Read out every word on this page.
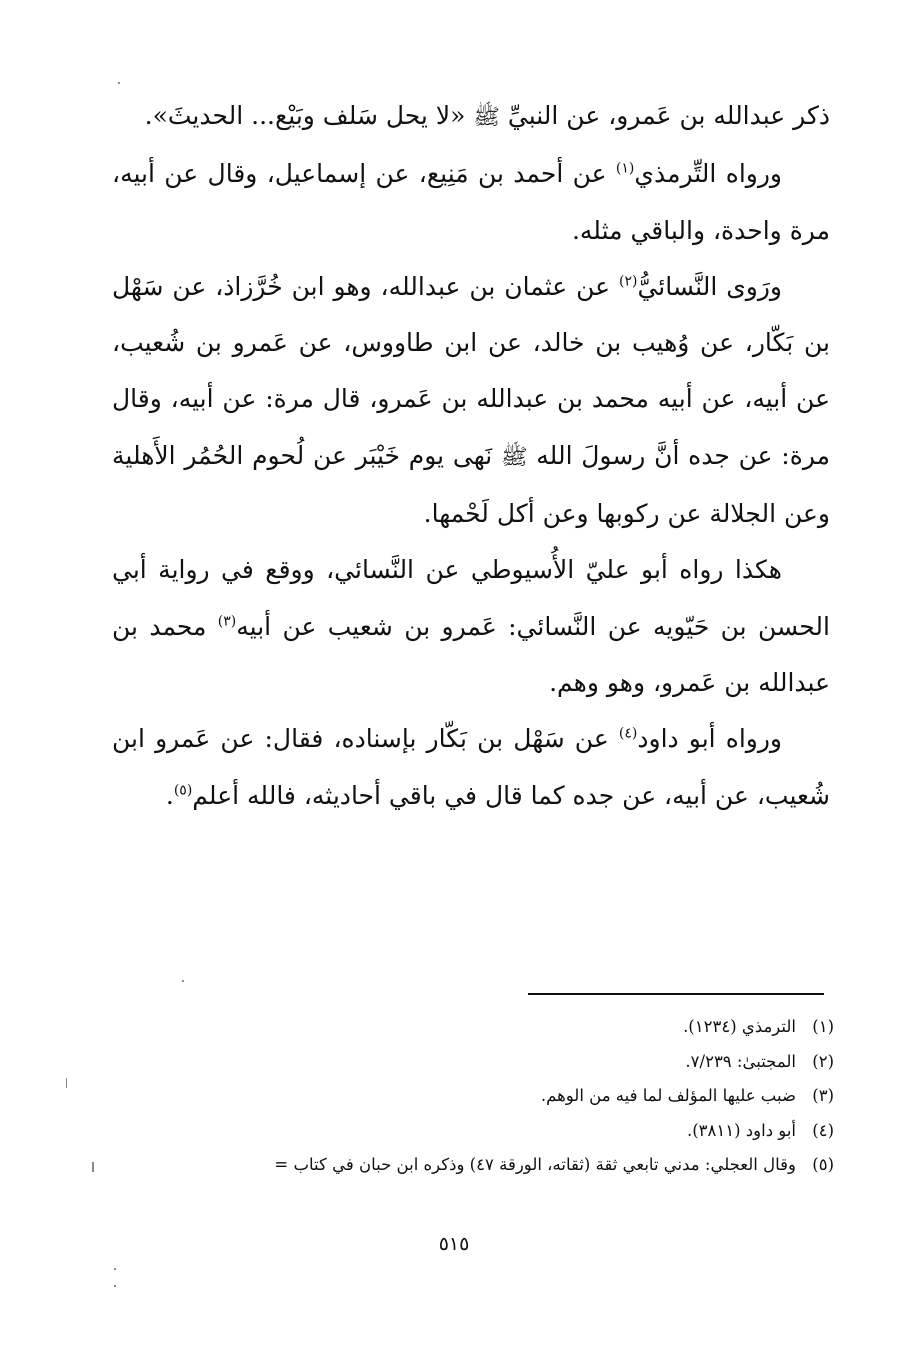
ذكر عبدالله بن عَمرو، عن النبيِّ ﷺ «لا يحل سَلف وبَيْع... الحديثَ».

ورواه التِّرمذي$^{(١)}$ عن أحمد بن مَنِيع، عن إسماعيل، وقال عن أبيه، مرة واحدة، والباقي مثله.

ورَوى النَّسائيُّ$^{(٢)}$ عن عثمان بن عبدالله، وهو ابن خُرَّزاذ، عن سَهْل بن بَكّار، عن وُهيب بن خالد، عن ابن طاووس، عن عَمرو بن شُعيب، عن أبيه، عن أبيه محمد بن عبدالله بن عَمرو، قال مرة: عن أبيه، وقال مرة: عن جده أنَّ رسولَ الله ﷺ نَهى يوم خَيْبَر عن لُحوم الحُمُر الأَهلية وعن الجلالة عن ركوبها وعن أكل لَحْمها.

هكذا رواه أبو عليّ الأُسيوطي عن النَّسائي، ووقع في رواية أبي الحسن بن حَيّويه عن النَّسائي: عَمرو بن شعيب عن أبيه$^{(٣)}$ محمد بن عبدالله بن عَمرو، وهو وهم.

ورواه أبو داود$^{(٤)}$ عن سَهْل بن بَكّار بإسناده، فقال: عن عَمرو ابن شُعيب، عن أبيه، عن جده كما قال في باقي أحاديثه، فالله أعلم$^{(٥)}$.

(١)الترمذي (١٢٣٤).
(٢)المجتبىٰ: ٧/٢٣٩.
(٣)ضبب عليها المؤلف لما فيه من الوهم.
(٤)أبو داود (٣٨١١).
(٥)وقال العجلي: مدني تابعي ثقة (ثقاته، الورقة ٤٧) وذكره ابن حبان في كتاب =
٥١٥
